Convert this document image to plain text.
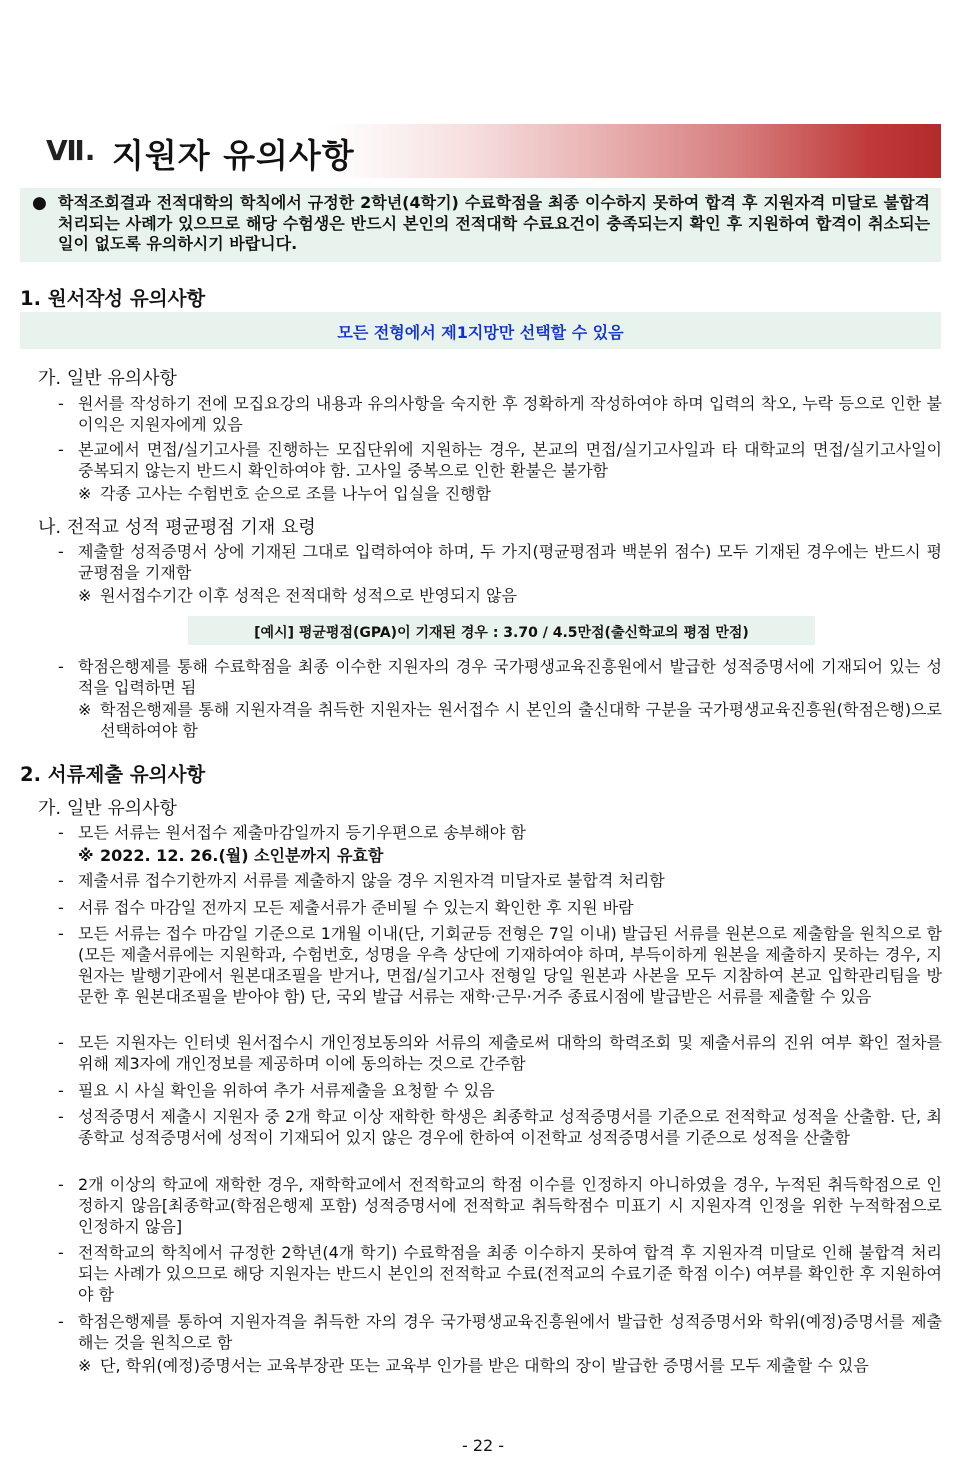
Ⅶ. 지원자 유의사항
● 학적조회결과 전적대학의 학칙에서 규정한 2학년(4학기) 수료학점을 최종 이수하지 못하여 합격 후 지원자격 미달로 불합격 처리되는 사례가 있으므로 해당 수험생은 반드시 본인의 전적대학 수료요건이 충족되는지 확인 후 지원하여 합격이 취소되는 일이 없도록 유의하시기 바랍니다.
1. 원서작성 유의사항
모든 전형에서 제1지망만 선택할 수 있음
가. 일반 유의사항
- 원서를 작성하기 전에 모집요강의 내용과 유의사항을 숙지한 후 정확하게 작성하여야 하며 입력의 착오, 누락 등으로 인한 불이익은 지원자에게 있음
- 본교에서 면접/실기고사를 진행하는 모집단위에 지원하는 경우, 본교의 면접/실기고사일과 타 대학교의 면접/실기고사일이 중복되지 않는지 반드시 확인하여야 함. 고사일 중복으로 인한 환불은 불가함
※ 각종 고사는 수험번호 순으로 조를 나누어 입실을 진행함
나. 전적교 성적 평균평점 기재 요령
- 제출할 성적증명서 상에 기재된 그대로 입력하여야 하며, 두 가지(평균평점과 백분위 점수) 모두 기재된 경우에는 반드시 평균평점을 기재함
※ 원서접수기간 이후 성적은 전적대학 성적으로 반영되지 않음
[예시] 평균평점(GPA)이 기재된 경우 : 3.70 / 4.5만점(출신학교의 평점 만점)
- 학점은행제를 통해 수료학점을 최종 이수한 지원자의 경우 국가평생교육진흥원에서 발급한 성적증명서에 기재되어 있는 성적을 입력하면 됨
※ 학점은행제를 통해 지원자격을 취득한 지원자는 원서접수 시 본인의 출신대학 구분을 국가평생교육진흥원(학점은행)으로 선택하여야 함
2. 서류제출 유의사항
가. 일반 유의사항
- 모든 서류는 원서접수 제출마감일까지 등기우편으로 송부해야 함
※ 2022. 12. 26.(월) 소인분까지 유효함
- 제출서류 접수기한까지 서류를 제출하지 않을 경우 지원자격 미달자로 불합격 처리함
- 서류 접수 마감일 전까지 모든 제출서류가 준비될 수 있는지 확인한 후 지원 바람
- 모든 서류는 접수 마감일 기준으로 1개월 이내(단, 기회균등 전형은 7일 이내) 발급된 서류를 원본으로 제출함을 원칙으로 함(모든 제출서류에는 지원학과, 수험번호, 성명을 우측 상단에 기재하여야 하며, 부득이하게 원본을 제출하지 못하는 경우, 지원자는 발행기관에서 원본대조필을 받거나, 면접/실기고사 전형일 당일 원본과 사본을 모두 지참하여 본교 입학관리팀을 방문한 후 원본대조필을 받아야 함) 단, 국외 발급 서류는 재학·근무·거주 종료시점에 발급받은 서류를 제출할 수 있음
- 모든 지원자는 인터넷 원서접수시 개인정보동의와 서류의 제출로써 대학의 학력조회 및 제출서류의 진위 여부 확인 절차를 위해 제3자에 개인정보를 제공하며 이에 동의하는 것으로 간주함
- 필요 시 사실 확인을 위하여 추가 서류제출을 요청할 수 있음
- 성적증명서 제출시 지원자 중 2개 학교 이상 재학한 학생은 최종학교 성적증명서를 기준으로 전적학교 성적을 산출함. 단, 최종학교 성적증명서에 성적이 기재되어 있지 않은 경우에 한하여 이전학교 성적증명서를 기준으로 성적을 산출함
- 2개 이상의 학교에 재학한 경우, 재학학교에서 전적학교의 학점 이수를 인정하지 아니하였을 경우, 누적된 취득학점으로 인정하지 않음[최종학교(학점은행제 포함) 성적증명서에 전적학교 취득학점수 미표기 시 지원자격 인정을 위한 누적학점으로 인정하지 않음]
- 전적학교의 학칙에서 규정한 2학년(4개 학기) 수료학점을 최종 이수하지 못하여 합격 후 지원자격 미달로 인해 불합격 처리되는 사례가 있으므로 해당 지원자는 반드시 본인의 전적학교 수료(전적교의 수료기준 학점 이수) 여부를 확인한 후 지원하여야 함
- 학점은행제를 통하여 지원자격을 취득한 자의 경우 국가평생교육진흥원에서 발급한 성적증명서와 학위(예정)증명서를 제출해는 것을 원칙으로 함
※ 단, 학위(예정)증명서는 교육부장관 또는 교육부 인가를 받은 대학의 장이 발급한 증명서를 모두 제출할 수 있음
- 22 -
